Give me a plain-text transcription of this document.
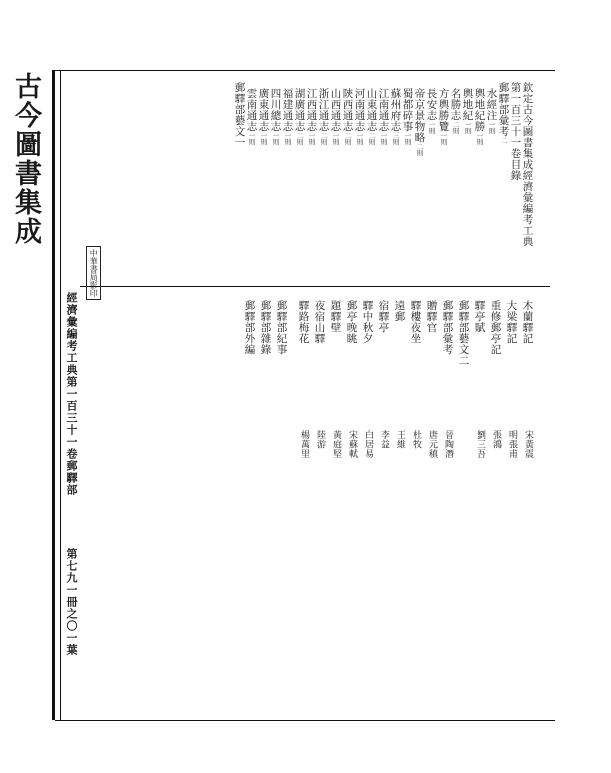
古今圖書集成
經濟彙編考工典第一百三十一卷郵驛部
第七九一冊之〇一葉
中華書局影印
欽定古今圖書集成經濟彙編考工典
第一百三十一卷目錄
郵驛部彙考二
水經注一則
輿地紀勝一則
輿地紀一則
名勝志二則
方輿勝覽一則
長安志一則
帝京景物略二則
蜀都碎事一則
蘇州府志三則
江南通志一則
山東通志二則
河南通志一則
陝西通志二則
山西通志一則
浙江通志二則
江西通志一則
湖廣通志二則
福建通志一則
四川總志一則
廣東通志一則
雲南通志一則
郵驛部藝文一
木蘭驛記
宋黃震
大梁驛記
明張甫
重修郵亭記
張鴻
驛亭賦
劉三吾
郵驛部藝文二
郵驛部彙考
晉陶潛
贈驛官
唐元稹
驛樓夜坐
杜牧
遠郵
王維
宿驛亭
李益
驛中秋夕
白居易
郵亭晚眺
宋蘇軾
題驛壁
黃庭堅
夜宿山驛
陸游
驛路梅花
楊萬里
郵驛部紀事
郵驛部雜錄
郵驛部外編
